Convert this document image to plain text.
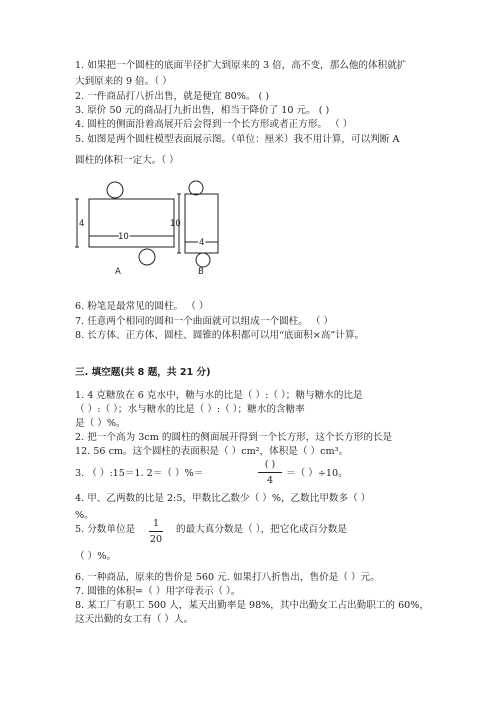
1. 如果把一个圆柱的底面半径扩大到原来的 3 倍，高不变，那么他的体积就扩
大到原来的 9 倍。（ ）
2. 一件商品打八折出售，就是便宜 80%。 ( )
3. 原价 50 元的商品打九折出售，相当于降价了 10 元。 ( )
4. 圆柱的侧面沿着高展开后会得到一个长方形或者正方形。 （ ）
5. 如图是两个圆柱模型表面展示图。（单位：厘米）我不用计算，可以判断 A
圆柱的体积一定大。（ ）
4
10
10
4
A	B
6. 粉笔是最常见的圆柱。 （ ）
7. 任意两个相同的圆和一个曲面就可以组成一个圆柱。 （ ）
8. 长方体、正方体、圆柱、圆锥的体积都可以用“底面积×高”计算。
三. 填空题(共 8 题，共 21 分)
1. 4 克糖放在 6 克水中，糖与水的比是（ ）:（ ）；糖与糖水的比是
（ ）:（ ）；水与糖水的比是（ ）:（ ）；糖水的含糖率
是（ ）%。
2. 把一个高为 3cm 的圆柱的侧面展开得到一个长方形，这个长方形的长是
12. 56 cm。这个圆柱的表面积是（ ）cm²，体积是（ ）cm³。
3. （ ）:15＝1. 2＝（ ）%＝
( )
4
＝（ ）÷10。
4. 甲、乙两数的比是 2:5，甲数比乙数少（ ）%，乙数比甲数多（ ）
%。
5. 分数单位是
1
20
的最大真分数是（ ），把它化成百分数是
（ ）%。
6. 一种商品，原来的售价是 560 元. 如果打八折售出，售价是（ ）元。
7. 圆锥的体积=（ ）用字母表示（ ）。
8. 某工厂有职工 500 人，某天出勤率是 98%，其中出勤女工占出勤职工的 60%，
这天出勤的女工有（ ）人。
